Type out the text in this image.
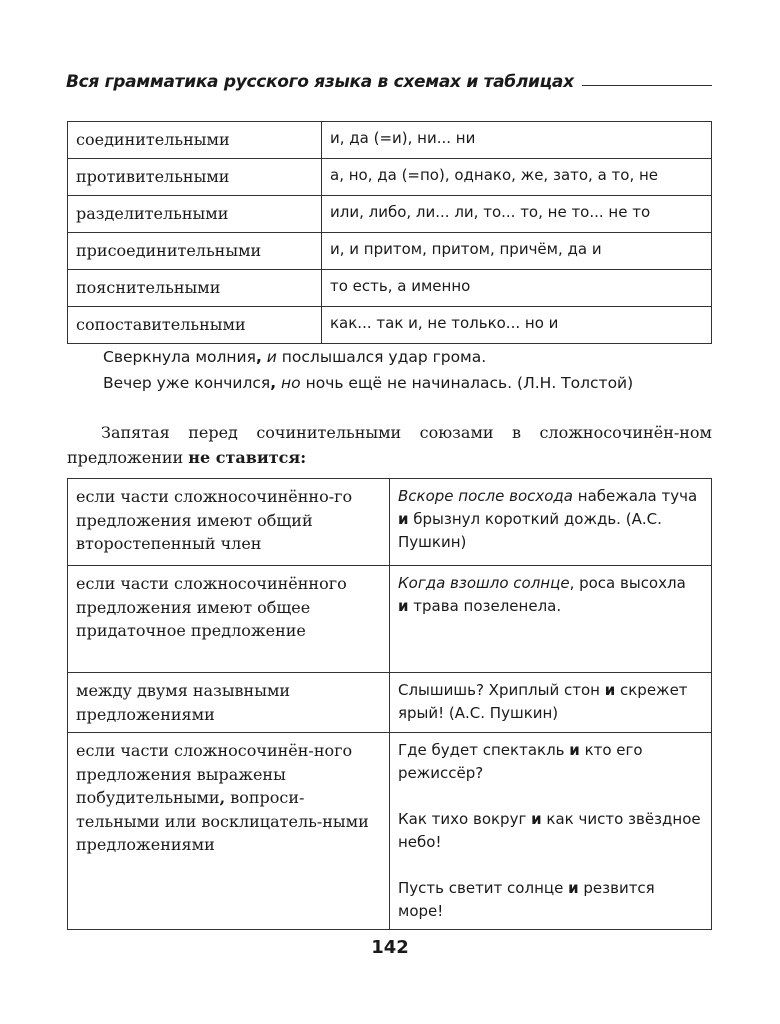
Вся грамматика русского языка в схемах и таблицах
соединительными	и, да (=и), ни... ни
противительными	а, но, да (=по), однако, же, зато, а то, не
разделительными	или, либо, ли... ли, то... то, не то... не то
присоединительными	и, и притом, притом, причём, да и
пояснительными	то есть, а именно
сопоставительными	как... так и, не только... но и
Сверкнула молния, и послышался удар грома.
Вечер уже кончился, но ночь ещё не начиналась. (Л.Н. Толстой)
Запятая перед сочинительными союзами в сложносочинён-ном предложении не ставится:
если части сложносочинённо-го предложения имеют общий второстепенный член	Вскоре после восхода набежала туча и брызнул короткий дождь. (А.С. Пушкин)
если части сложносочинённого предложения имеют общее придаточное предложение	Когда взошло солнце, роса высохла и трава позеленела.
между двумя назывными предложениями	Слышишь? Хриплый стон и скрежет ярый! (А.С. Пушкин)
если части сложносочинён-ного предложения выражены побудительными, вопроси-тельными или восклицатель-ными предложениями	Где будет спектакль и кто его режиссёр?
Как тихо вокруг и как чисто звёздное небо!
Пусть светит солнце и резвится море!
142
